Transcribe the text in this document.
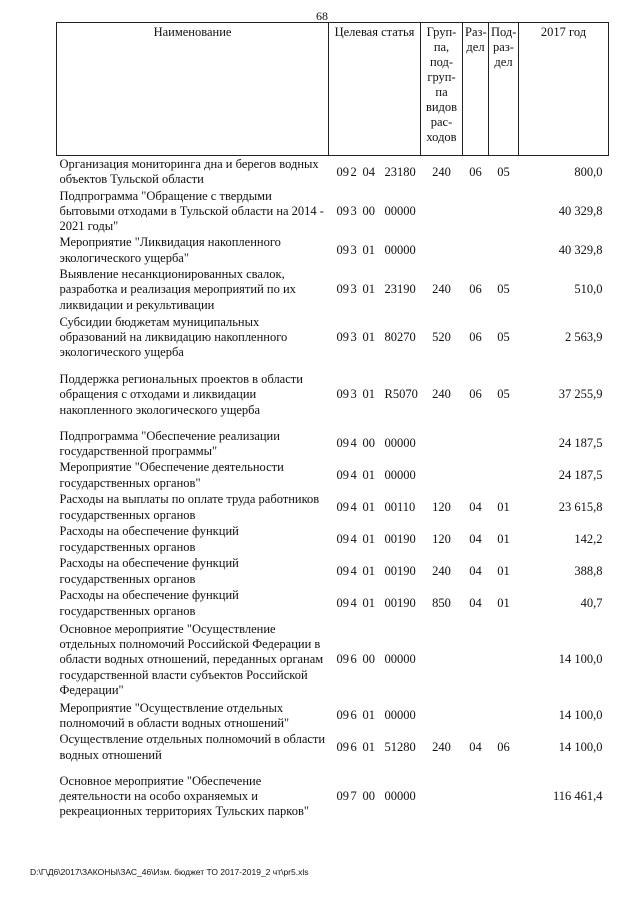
68
Наименование	Целевая статья	Груп-па, под-груп-па видов рас-ходов	Раз-дел	Под-раз-дел	2017 год
Организация мониторинга дна и берегов водных объектов Тульской области	09 2 04 23180	240	06	05	800,0
Подпрограмма "Обращение с твердыми бытовыми отходами в Тульской области на 2014 - 2021 годы"	09 3 00 00000				40 329,8
Мероприятие "Ликвидация накопленного экологического ущерба"	09 3 01 00000				40 329,8
Выявление несанкционированных свалок, разработка и реализация мероприятий по их ликвидации и рекультивации	09 3 01 23190	240	06	05	510,0
Субсидии бюджетам муниципальных образований на ликвидацию накопленного экологического ущерба	09 3 01 80270	520	06	05	2 563,9
Поддержка региональных проектов в области обращения с отходами и ликвидации накопленного экологического ущерба	09 3 01 R5070	240	06	05	37 255,9
Подпрограмма "Обеспечение реализации государственной программы"	09 4 00 00000				24 187,5
Мероприятие "Обеспечение деятельности государственных органов"	09 4 01 00000				24 187,5
Расходы на выплаты по оплате труда работников государственных органов	09 4 01 00110	120	04	01	23 615,8
Расходы на обеспечение функций государственных органов	09 4 01 00190	120	04	01	142,2
Расходы на обеспечение функций государственных органов	09 4 01 00190	240	04	01	388,8
Расходы на обеспечение функций государственных органов	09 4 01 00190	850	04	01	40,7
Основное мероприятие "Осуществление отдельных полномочий Российской Федерации в области водных отношений, переданных органам государственной власти субъектов Российской Федерации"	09 6 00 00000				14 100,0
Мероприятие "Осуществление отдельных полномочий в области водных отношений"	09 6 01 00000				14 100,0
Осуществление отдельных полномочий в области водных отношений	09 6 01 51280	240	04	06	14 100,0
Основное мероприятие "Обеспечение деятельности на особо охраняемых и рекреационных территориях Тульских парков"	09 7 00 00000				116 461,4
D:\Г\Д6\2017\ЗАКОНЫ\ЗАС_46\Изм. бюджет ТО 2017-2019_2 чт\pr5.xls
